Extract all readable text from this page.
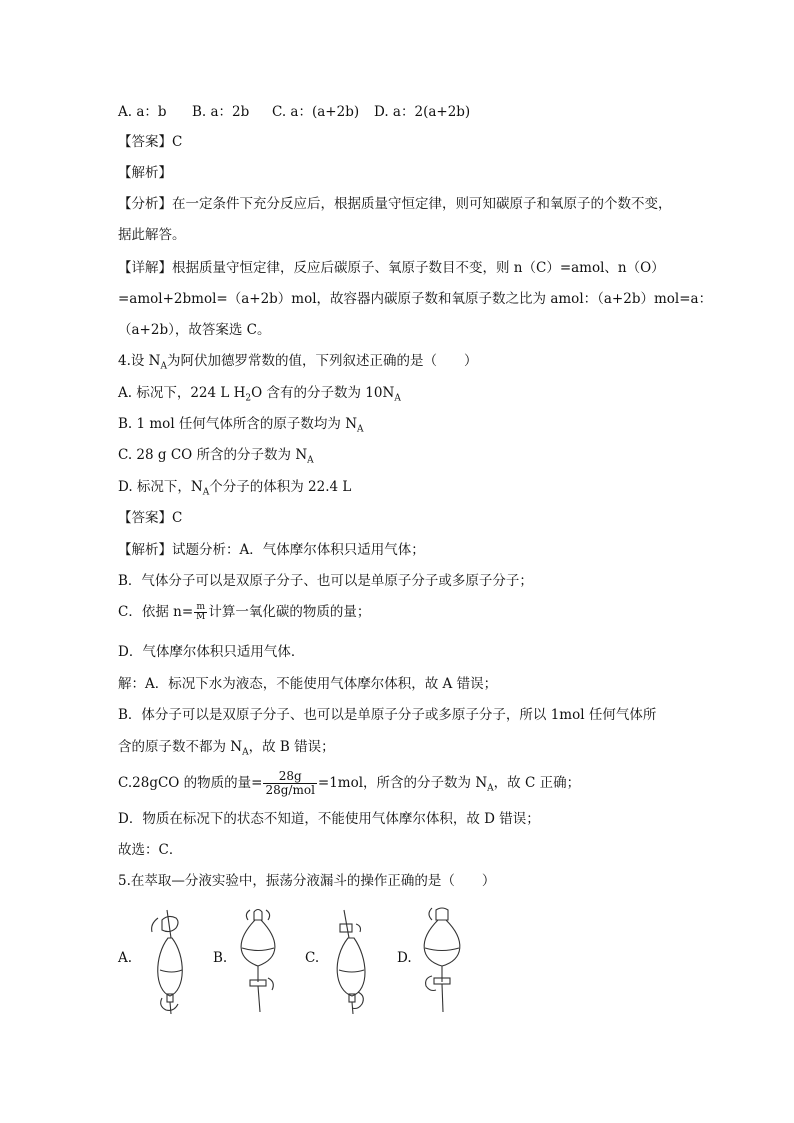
A. a：b B. a：2b C. a：(a+2b) D. a：2(a+2b)
【答案】C
【解析】
【分析】在一定条件下充分反应后，根据质量守恒定律，则可知碳原子和氧原子的个数不变，
据此解答。
【详解】根据质量守恒定律，反应后碳原子、氧原子数目不变，则 n（C）=amol、n（O）
=amol+2bmol=（a+2b）mol，故容器内碳原子数和氧原子数之比为 amol：（a+2b）mol=a：
（a+2b），故答案选 C。
4.设 $N_A$为阿伏加德罗常数的值，下列叙述正确的是（　　）
A. 标况下，224 L $H_2O$ 含有的分子数为 $10N_A$
B. 1 mol 任何气体所含的原子数均为 $N_A$
C. 28 g CO 所含的分子数为 $N_A$
D. 标况下，$N_A$个分子的体积为 22.4 L
【答案】C
【解析】试题分析：A．气体摩尔体积只适用气体；
B．气体分子可以是双原子分子、也可以是单原子分子或多原子分子；
C．依据 $n= \frac{m}{M}$ 计算一氧化碳的物质的量；
D．气体摩尔体积只适用气体．
解：A．标况下水为液态，不能使用气体摩尔体积，故 A 错误；
B．体分子可以是双原子分子、也可以是单原子分子或多原子分子，所以 1mol 任何气体所
含的原子数不都为 $N_A$，故 B 错误；
C.28gCO 的物质的量= $\frac{28g}{\text{28g/mol}} =1mol$，所含的分子数为 $N_A$，故 C 正确；
D．物质在标况下的状态不知道，不能使用气体摩尔体积，故 D 错误；
故选：C．
5.在萃取—分液实验中，振荡分液漏斗的操作正确的是（　　）
A.	B.	C.	D.
